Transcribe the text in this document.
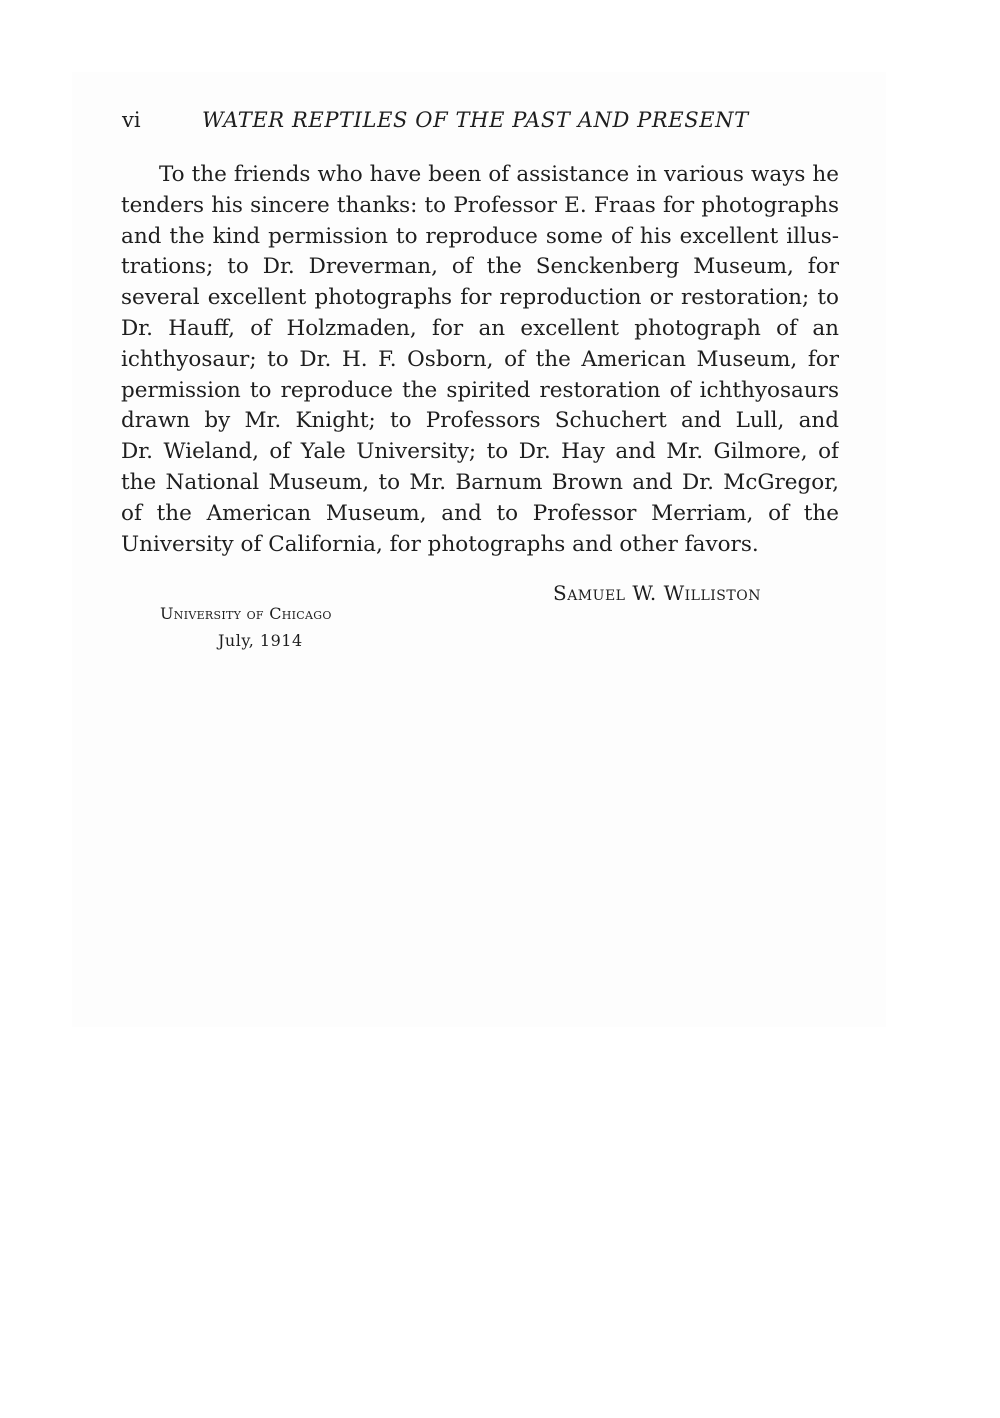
vi	WATER REPTILES OF THE PAST AND PRESENT
To the friends who have been of assistance in various ways he
tenders his sincere thanks: to Professor E. Fraas for photographs
and the kind permission to reproduce some of his excellent illus-
trations; to Dr. Dreverman, of the Senckenberg Museum, for
several excellent photographs for reproduction or restoration; to
Dr. Hauff, of Holzmaden, for an excellent photograph of an
ichthyosaur; to Dr. H. F. Osborn, of the American Museum, for
permission to reproduce the spirited restoration of ichthyosaurs
drawn by Mr. Knight; to Professors Schuchert and Lull, and
Dr. Wieland, of Yale University; to Dr. Hay and Mr. Gilmore, of
the National Museum, to Mr. Barnum Brown and Dr. McGregor,
of the American Museum, and to Professor Merriam, of the
University of California, for photographs and other favors.
Samuel W. Williston
University of Chicago
July, 1914
